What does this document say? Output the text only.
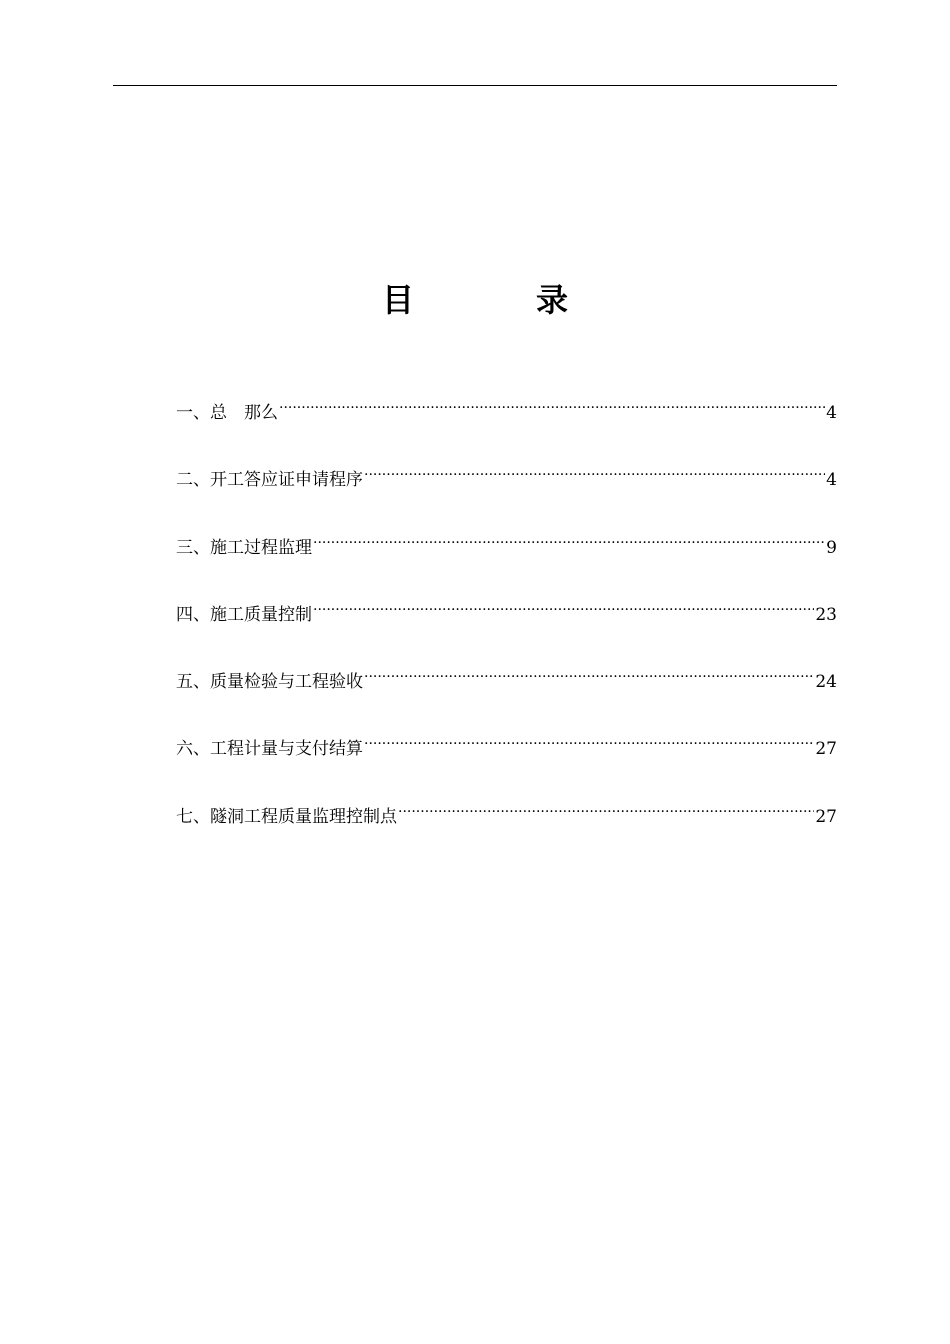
目	录
一、总　那么 .....	4
二、开工答应证申请程序 .....	4
三、施工过程监理 .....	9
四、施工质量控制 .....	23
五、质量检验与工程验收 .....	24
六、工程计量与支付结算 .....	27
七、隧洞工程质量监理控制点 .....	27
